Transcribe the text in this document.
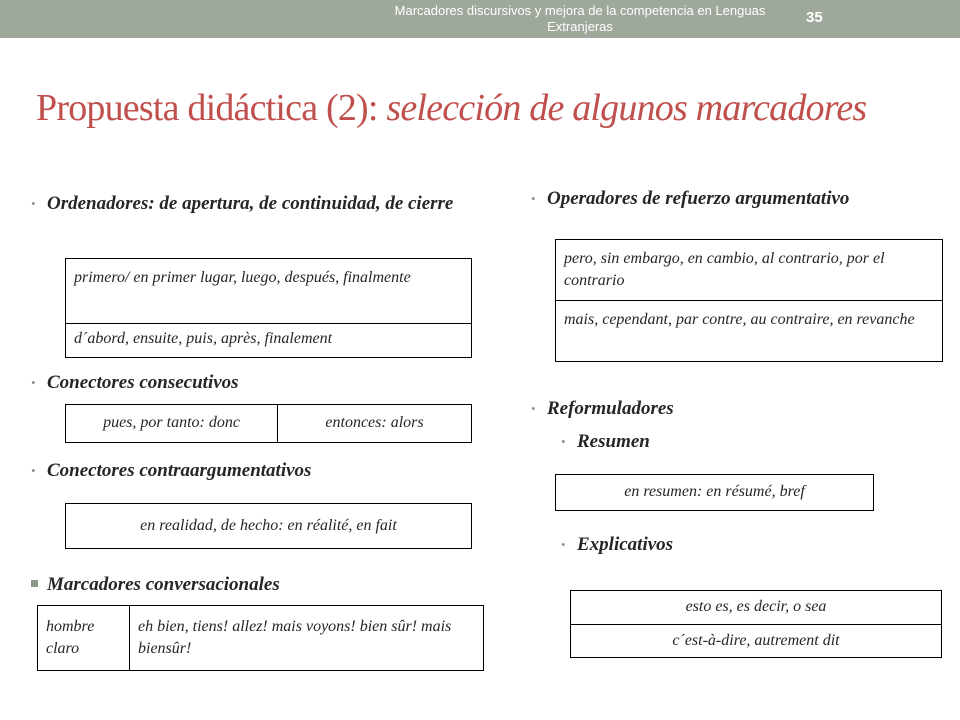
Marcadores discursivos y mejora de la competencia en Lenguas Extranjeras
35
Propuesta didáctica (2): selección de algunos marcadores
• Ordenadores: de apertura, de continuidad, de cierre
primero/ en primer lugar, luego, después, finalmente
d´abord, ensuite, puis, après, finalement
• Conectores consecutivos
pues, por tanto: donc	entonces: alors
• Conectores contraargumentativos
en realidad, de hecho: en réalité, en fait
Marcadores conversacionales
hombre claro
eh bien, tiens! allez! mais voyons! bien sûr! mais biensûr!
• Operadores de refuerzo argumentativo
pero, sin embargo, en cambio, al contrario, por el contrario
mais, cependant, par contre, au contraire, en revanche
• Reformuladores
• Resumen
en resumen: en résumé, bref
• Explicativos
esto es, es decir, o sea
c´est-à-dire, autrement dit
